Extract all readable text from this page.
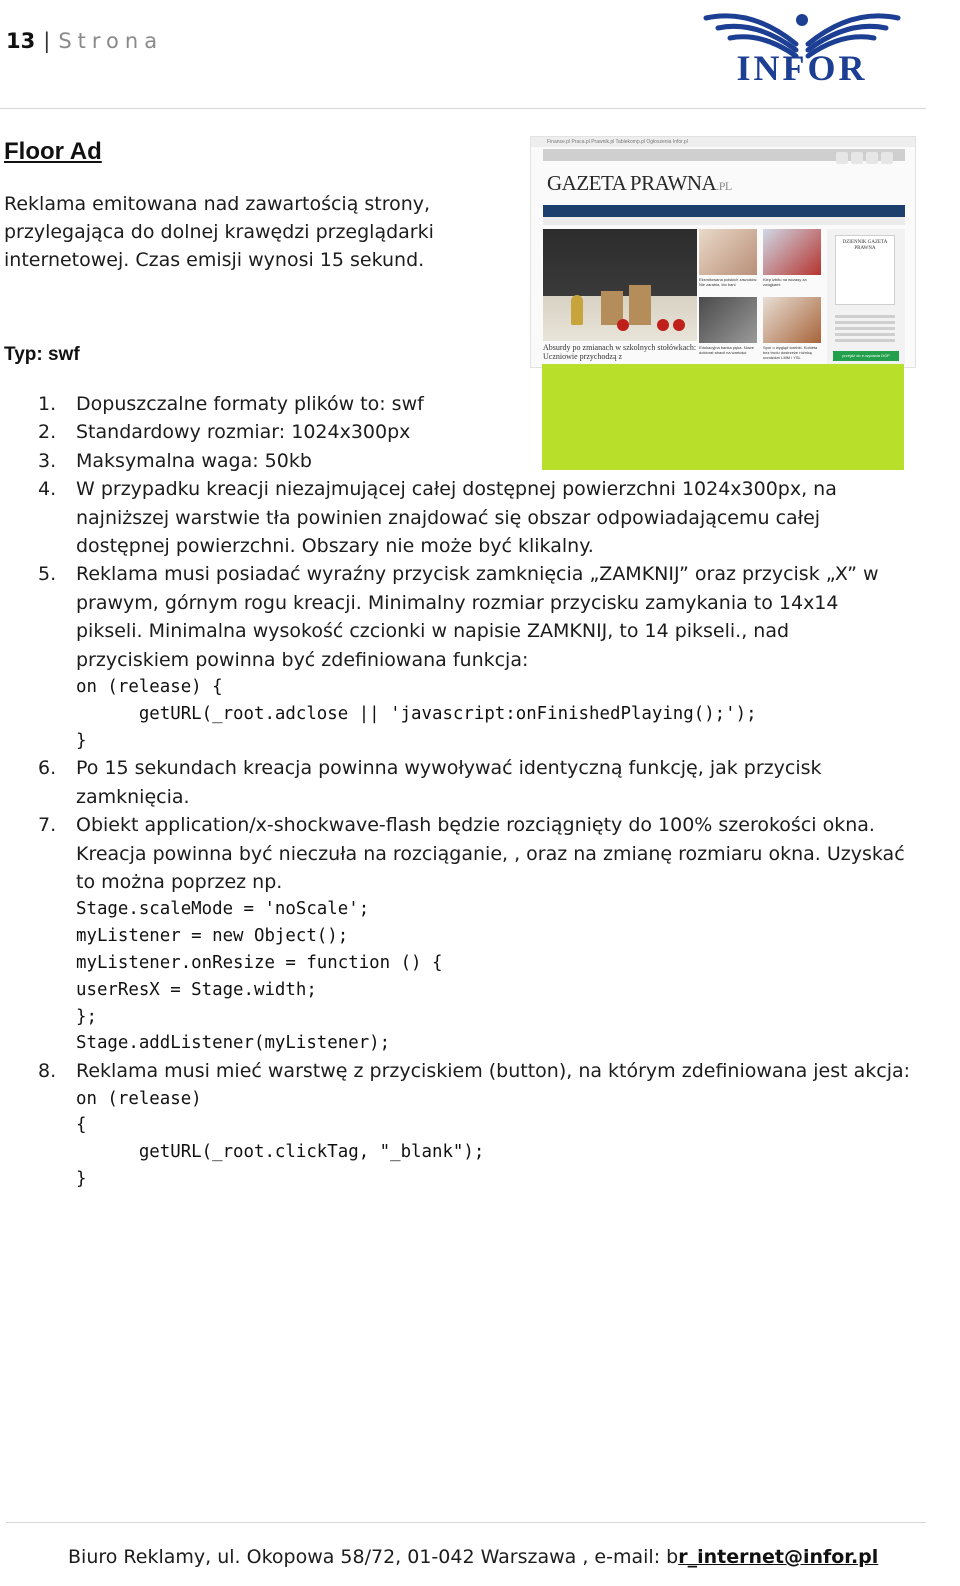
13 | Strona
INFOR
Floor Ad

Reklama emitowana nad zawartością strony, przylegająca do dolnej krawędzi przeglądarki internetowej. Czas emisji wynosi 15 sekund.

Typ: swf
Finanse.pl Praca.pl Prawnik.pl Tablekomp.pl Ogłoszenia Infor.pl
GAZETA PRAWNA.PL
Absurdy po zmianach w szkolnych stołówkach: Uczniowie przychodzą z
Eksmitowana polskich zawodów: Nie zarabia, kto bani
Kiep izbitu na wczasy za zwiąjkami
Edukacyjna banka pęka. Nowe doktorat stracił na wartości
Spór o wygląd torebki. Kobieta bez trudu dostrzeże różnicę pomiędzy LMM i YSL
DZIENNIK GAZETA PRAWNA
przejdź do e-wydania DGP
1. Dopuszczalne formaty plików to: swf
2. Standardowy rozmiar: 1024x300px
3. Maksymalna waga: 50kb
4. W przypadku kreacji niezajmującej całej dostępnej powierzchni 1024x300px, na najniższej warstwie tła powinien znajdować się obszar odpowiadającemu całej dostępnej powierzchni. Obszary nie może być klikalny.
5. Reklama musi posiadać wyraźny przycisk zamknięcia „ZAMKNIJ” oraz przycisk „X” w prawym, górnym rogu kreacji. Minimalny rozmiar przycisku zamykania to 14x14 pikseli. Minimalna wysokość czcionki w napisie ZAMKNIJ, to 14 pikseli., nad przyciskiem powinna być zdefiniowana funkcja:
on (release) {
getURL(_root.adclose || 'javascript:onFinishedPlaying();');
}
6. Po 15 sekundach kreacja powinna wywoływać identyczną funkcję, jak przycisk zamknięcia.
7. Obiekt application/x-shockwave-flash będzie rozciągnięty do 100% szerokości okna. Kreacja powinna być nieczuła na rozciąganie, , oraz na zmianę rozmiaru okna. Uzyskać to można poprzez np.
Stage.scaleMode = 'noScale';
myListener = new Object();
myListener.onResize = function () {
userResX = Stage.width;
};
Stage.addListener(myListener);
8. Reklama musi mieć warstwę z przyciskiem (button), na którym zdefiniowana jest akcja:
on (release)
{
getURL(_root.clickTag, "_blank");
}
Biuro Reklamy, ul. Okopowa 58/72, 01-042 Warszawa , e-mail: br_internet@infor.pl
